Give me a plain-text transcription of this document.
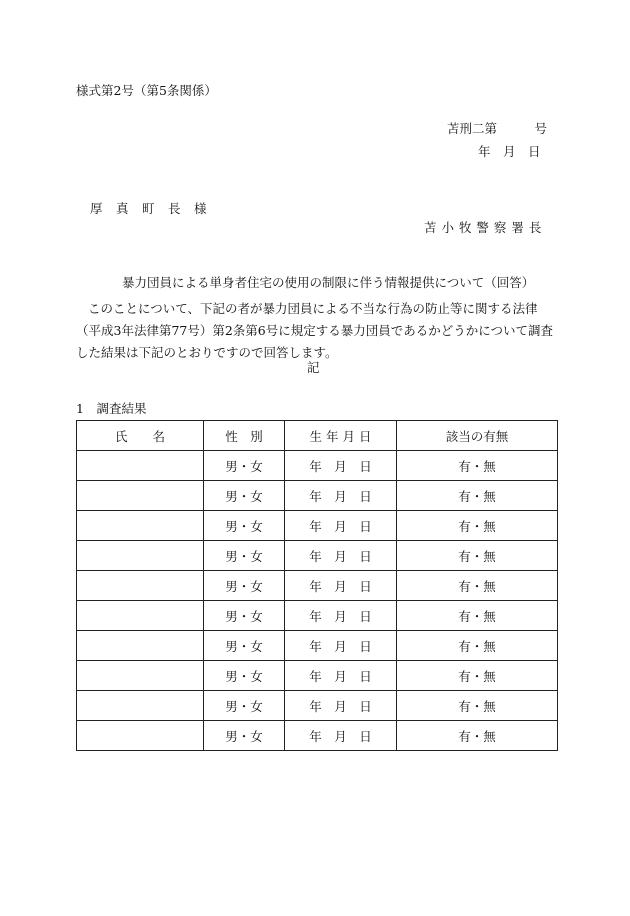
様式第2号（第5条関係）
苫刑二第　　　号
年　月　日
厚　真　町　長　様
苫 小 牧 警 察 署 長
暴力団員による単身者住宅の使用の制限に伴う情報提供について（回答）
このことについて、下記の者が暴力団員による不当な行為の防止等に関する法律（平成3年法律第77号）第2条第6号に規定する暴力団員であるかどうかについて調査した結果は下記のとおりですので回答します。
記
1　調査結果
氏　　名	性　別	生 年 月 日	該当の有無
	男・女	年　月　日	有・無
	男・女	年　月　日	有・無
	男・女	年　月　日	有・無
	男・女	年　月　日	有・無
	男・女	年　月　日	有・無
	男・女	年　月　日	有・無
	男・女	年　月　日	有・無
	男・女	年　月　日	有・無
	男・女	年　月　日	有・無
	男・女	年　月　日	有・無
